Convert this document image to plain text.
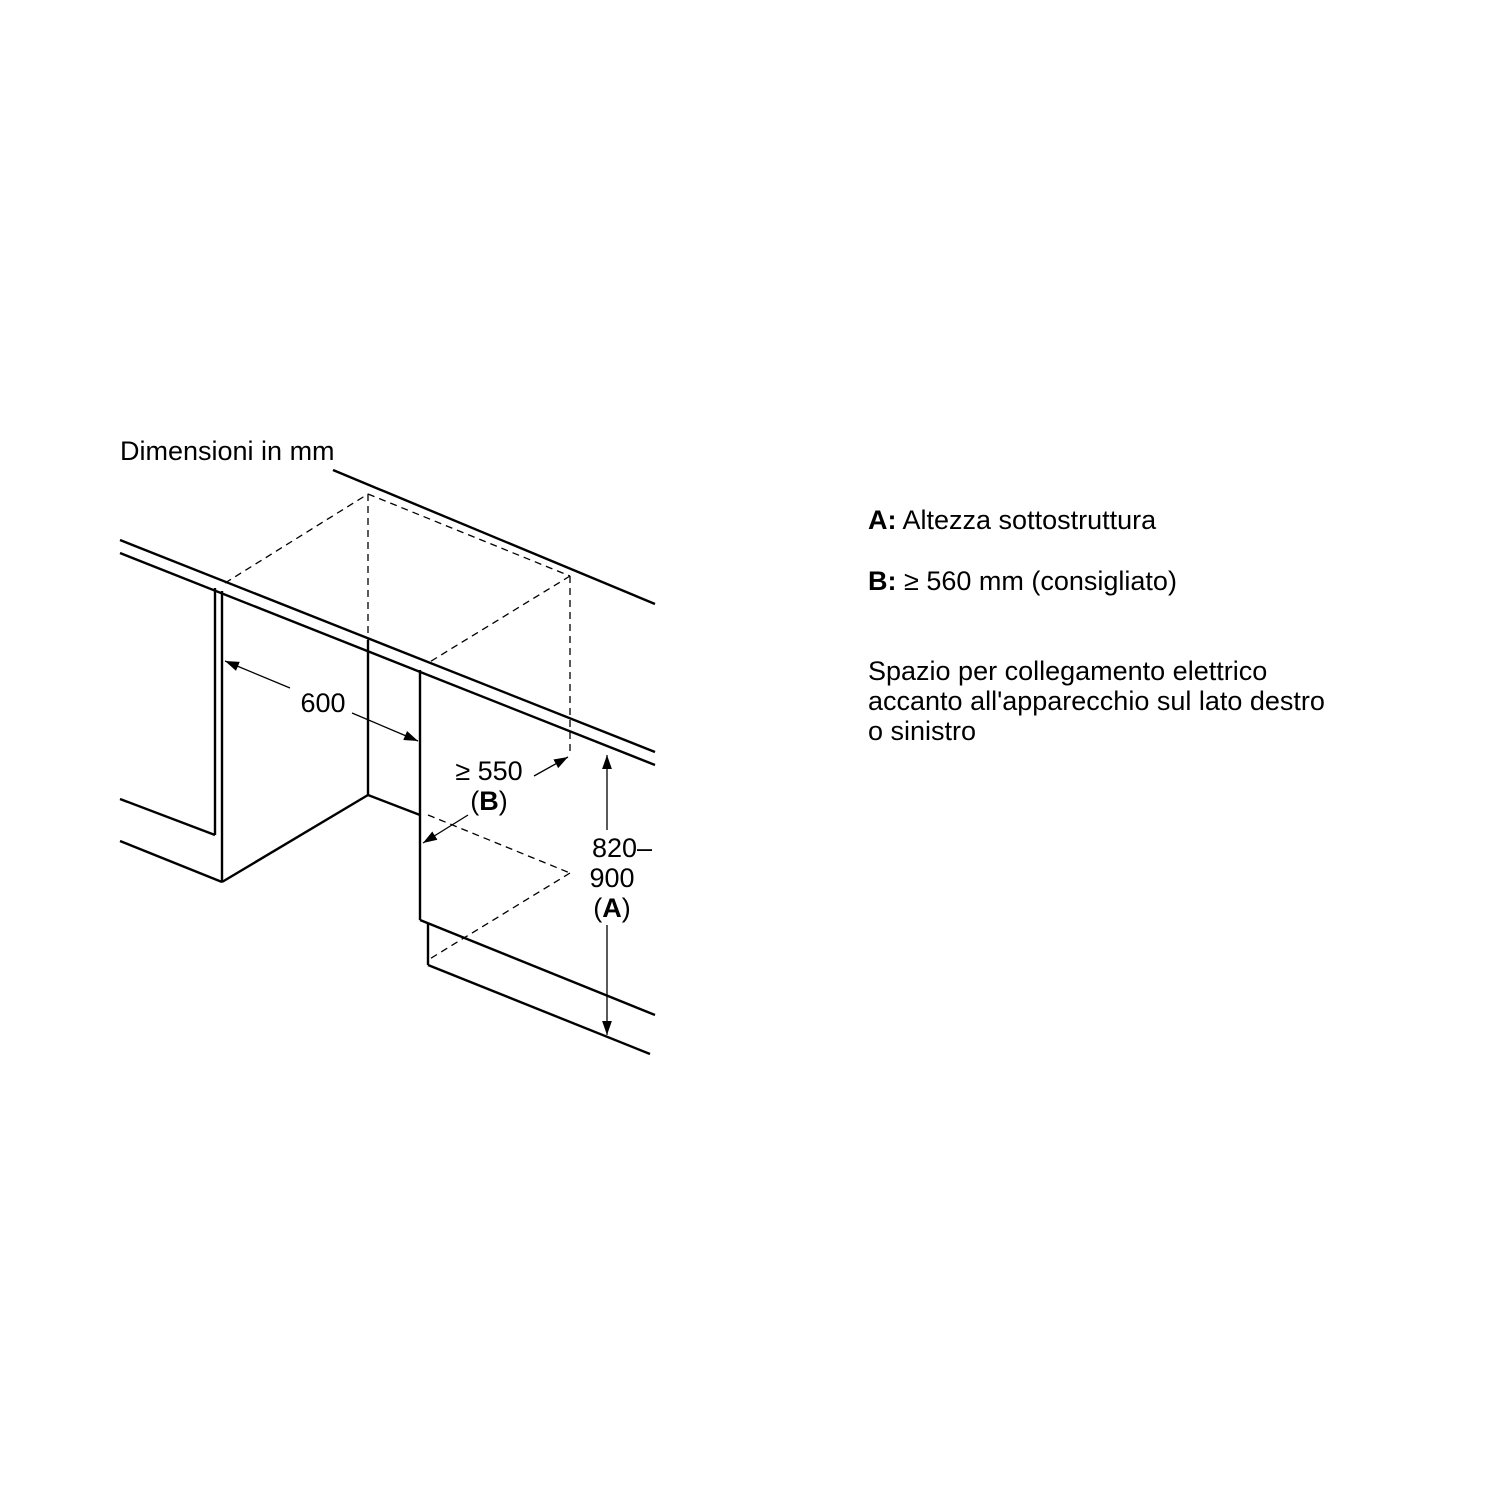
Dimensioni in mm
600
≥ 550
(B)
820–
900
(A)
A: Altezza sottostruttura
B: ≥ 560 mm (consigliato)
Spazio per collegamento elettrico
accanto all'apparecchio sul lato destro
o sinistro
